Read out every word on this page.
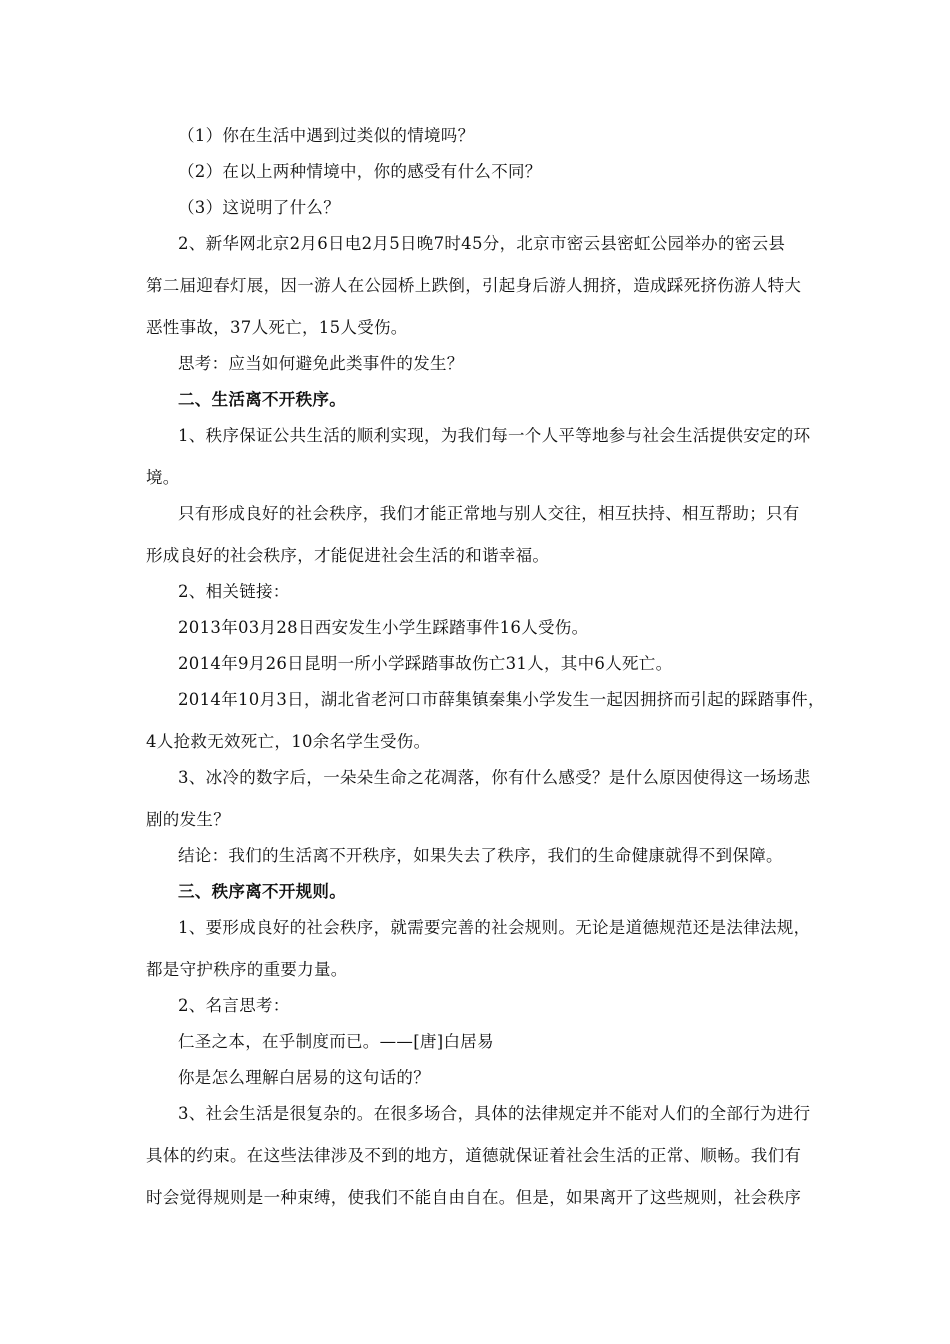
（1）你在生活中遇到过类似的情境吗？
（2）在以上两种情境中，你的感受有什么不同？
（3）这说明了什么？
2、新华网北京2月6日电2月5日晚7时45分，北京市密云县密虹公园举办的密云县
第二届迎春灯展，因一游人在公园桥上跌倒，引起身后游人拥挤，造成踩死挤伤游人特大
恶性事故，37人死亡，15人受伤。
思考：应当如何避免此类事件的发生？
二、生活离不开秩序。
1、秩序保证公共生活的顺利实现，为我们每一个人平等地参与社会生活提供安定的环
境。
只有形成良好的社会秩序，我们才能正常地与别人交往，相互扶持、相互帮助；只有
形成良好的社会秩序，才能促进社会生活的和谐幸福。
2、相关链接：
2013年03月28日西安发生小学生踩踏事件16人受伤。
2014年9月26日昆明一所小学踩踏事故伤亡31人，其中6人死亡。
2014年10月3日，湖北省老河口市薛集镇秦集小学发生一起因拥挤而引起的踩踏事件，
4人抢救无效死亡，10余名学生受伤。
3、冰冷的数字后，一朵朵生命之花凋落，你有什么感受？是什么原因使得这一场场悲
剧的发生？
结论：我们的生活离不开秩序，如果失去了秩序，我们的生命健康就得不到保障。
三、秩序离不开规则。
1、要形成良好的社会秩序，就需要完善的社会规则。无论是道德规范还是法律法规，
都是守护秩序的重要力量。
2、名言思考：
仁圣之本，在乎制度而已。——[唐]白居易
你是怎么理解白居易的这句话的？
3、社会生活是很复杂的。在很多场合，具体的法律规定并不能对人们的全部行为进行
具体的约束。在这些法律涉及不到的地方，道德就保证着社会生活的正常、顺畅。我们有
时会觉得规则是一种束缚，使我们不能自由自在。但是，如果离开了这些规则，社会秩序
